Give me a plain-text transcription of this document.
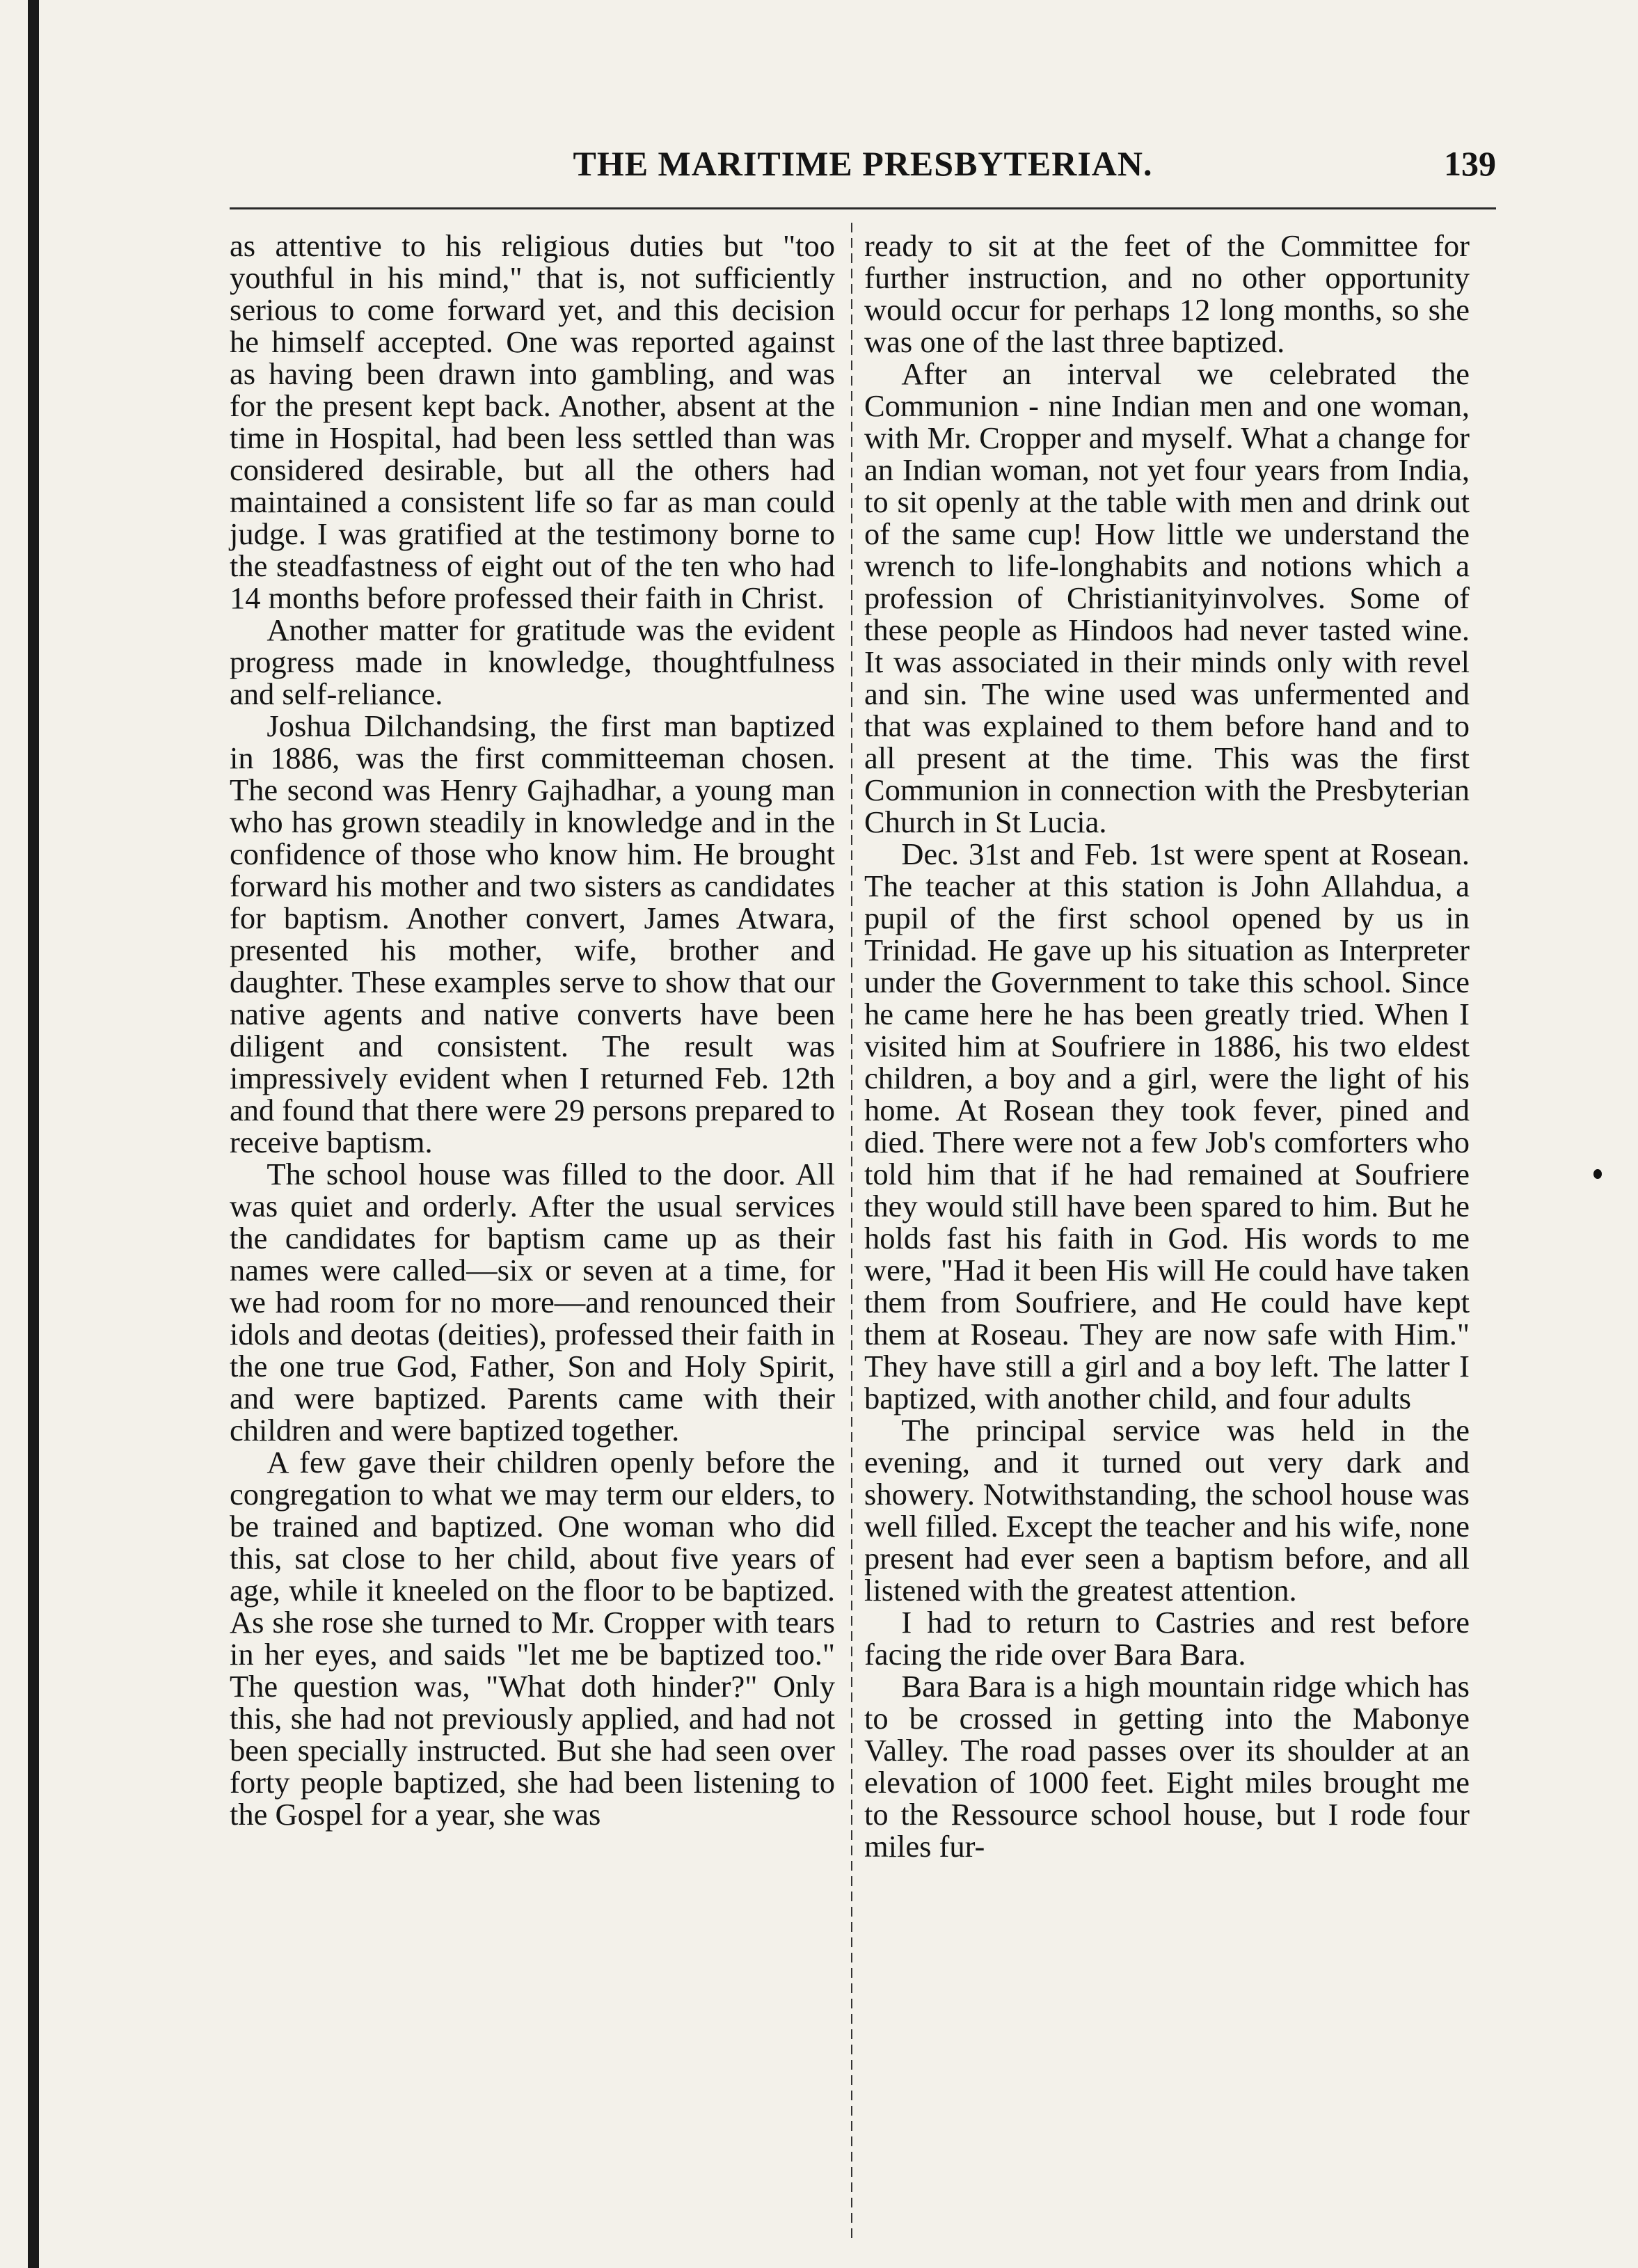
THE MARITIME PRESBYTERIAN.	139

as attentive to his religious duties but "too youthful in his mind," that is, not sufficiently serious to come forward yet, and this decision he himself accepted. One was reported against as having been drawn into gambling, and was for the present kept back. Another, absent at the time in Hospital, had been less settled than was considered desirable, but all the others had maintained a consistent life so far as man could judge. I was gratified at the testimony borne to the steadfastness of eight out of the ten who had 14 months before professed their faith in Christ.

Another matter for gratitude was the evident progress made in knowledge, thoughtfulness and self-reliance.

Joshua Dilchandsing, the first man baptized in 1886, was the first committeeman chosen. The second was Henry Gajhadhar, a young man who has grown steadily in knowledge and in the confidence of those who know him. He brought forward his mother and two sisters as candidates for baptism. Another convert, James Atwara, presented his mother, wife, brother and daughter. These examples serve to show that our native agents and native converts have been diligent and consistent. The result was impressively evident when I returned Feb. 12th and found that there were 29 persons prepared to receive baptism.

The school house was filled to the door. All was quiet and orderly. After the usual services the candidates for baptism came up as their names were called—six or seven at a time, for we had room for no more—and renounced their idols and deotas (deities), professed their faith in the one true God, Father, Son and Holy Spirit, and were baptized. Parents came with their children and were baptized together.

A few gave their children openly before the congregation to what we may term our elders, to be trained and baptized. One woman who did this, sat close to her child, about five years of age, while it kneeled on the floor to be baptized. As she rose she turned to Mr. Cropper with tears in her eyes, and saids "let me be baptized too." The question was, "What doth hinder?" Only this, she had not previously applied, and had not been specially instructed. But she had seen over forty people baptized, she had been listening to the Gospel for a year, she was

ready to sit at the feet of the Committee for further instruction, and no other opportunity would occur for perhaps 12 long months, so she was one of the last three baptized.

After an interval we celebrated the Communion - nine Indian men and one woman, with Mr. Cropper and myself. What a change for an Indian woman, not yet four years from India, to sit openly at the table with men and drink out of the same cup! How little we understand the wrench to life-longhabits and notions which a profession of Christianityinvolves. Some of these people as Hindoos had never tasted wine. It was associated in their minds only with revel and sin. The wine used was unfermented and that was explained to them before hand and to all present at the time. This was the first Communion in connection with the Presbyterian Church in St Lucia.

Dec. 31st and Feb. 1st were spent at Rosean. The teacher at this station is John Allahdua, a pupil of the first school opened by us in Trinidad. He gave up his situation as Interpreter under the Government to take this school. Since he came here he has been greatly tried. When I visited him at Soufriere in 1886, his two eldest children, a boy and a girl, were the light of his home. At Rosean they took fever, pined and died. There were not a few Job's comforters who told him that if he had remained at Soufriere they would still have been spared to him. But he holds fast his faith in God. His words to me were, "Had it been His will He could have taken them from Soufriere, and He could have kept them at Roseau. They are now safe with Him." They have still a girl and a boy left. The latter I baptized, with another child, and four adults

The principal service was held in the evening, and it turned out very dark and showery. Notwithstanding, the school house was well filled. Except the teacher and his wife, none present had ever seen a baptism before, and all listened with the greatest attention.

I had to return to Castries and rest before facing the ride over Bara Bara.

Bara Bara is a high mountain ridge which has to be crossed in getting into the Mabonye Valley. The road passes over its shoulder at an elevation of 1000 feet. Eight miles brought me to the Ressource school house, but I rode four miles fur-
